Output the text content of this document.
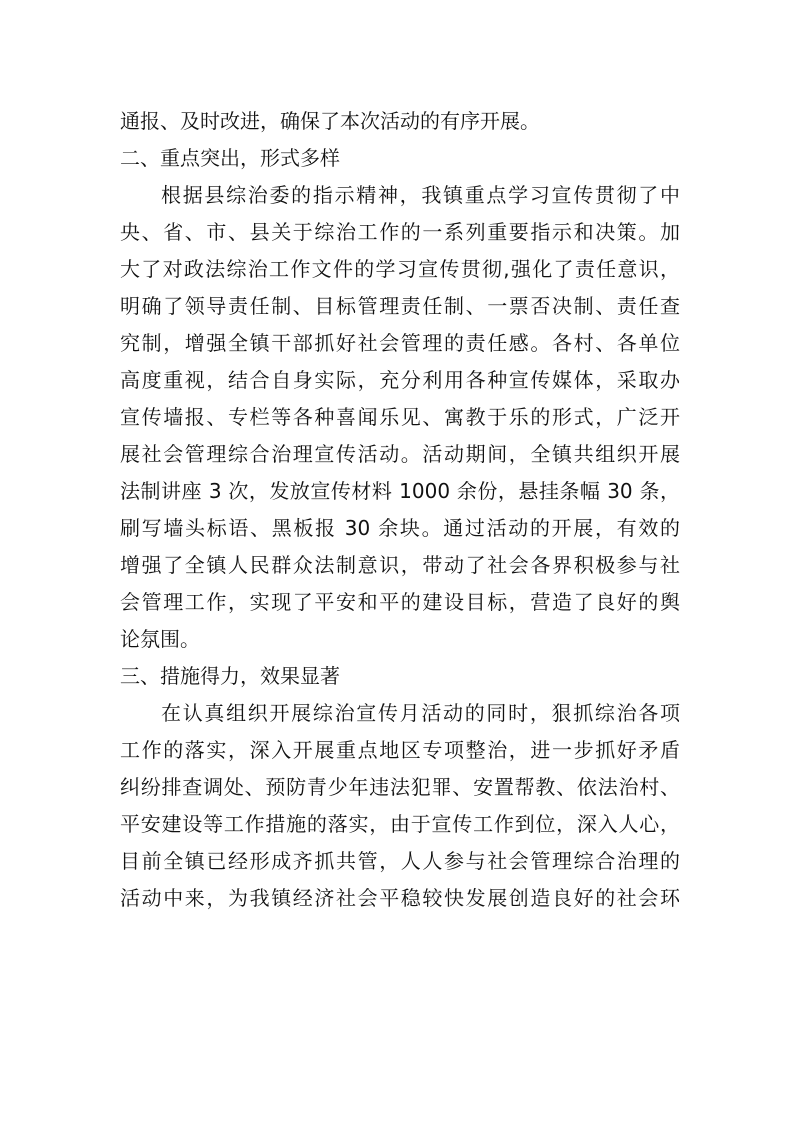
通报、及时改进，确保了本次活动的有序开展。
二、重点突出，形式多样
根据县综治委的指示精神，我镇重点学习宣传贯彻了中
央、省、市、县关于综治工作的一系列重要指示和决策。加
大了对政法综治工作文件的学习宣传贯彻,强化了责任意识，
明确了领导责任制、目标管理责任制、一票否决制、责任查
究制，增强全镇干部抓好社会管理的责任感。各村、各单位
高度重视，结合自身实际，充分利用各种宣传媒体，采取办
宣传墙报、专栏等各种喜闻乐见、寓教于乐的形式，广泛开
展社会管理综合治理宣传活动。活动期间，全镇共组织开展
法制讲座 3 次，发放宣传材料 1000 余份，悬挂条幅 30 条，
刷写墙头标语、黑板报 30 余块。通过活动的开展，有效的
增强了全镇人民群众法制意识，带动了社会各界积极参与社
会管理工作，实现了平安和平的建设目标，营造了良好的舆
论氛围。
三、措施得力，效果显著
在认真组织开展综治宣传月活动的同时，狠抓综治各项
工作的落实，深入开展重点地区专项整治，进一步抓好矛盾
纠纷排查调处、预防青少年违法犯罪、安置帮教、依法治村、
平安建设等工作措施的落实，由于宣传工作到位，深入人心，
目前全镇已经形成齐抓共管，人人参与社会管理综合治理的
活动中来，为我镇经济社会平稳较快发展创造良好的社会环
